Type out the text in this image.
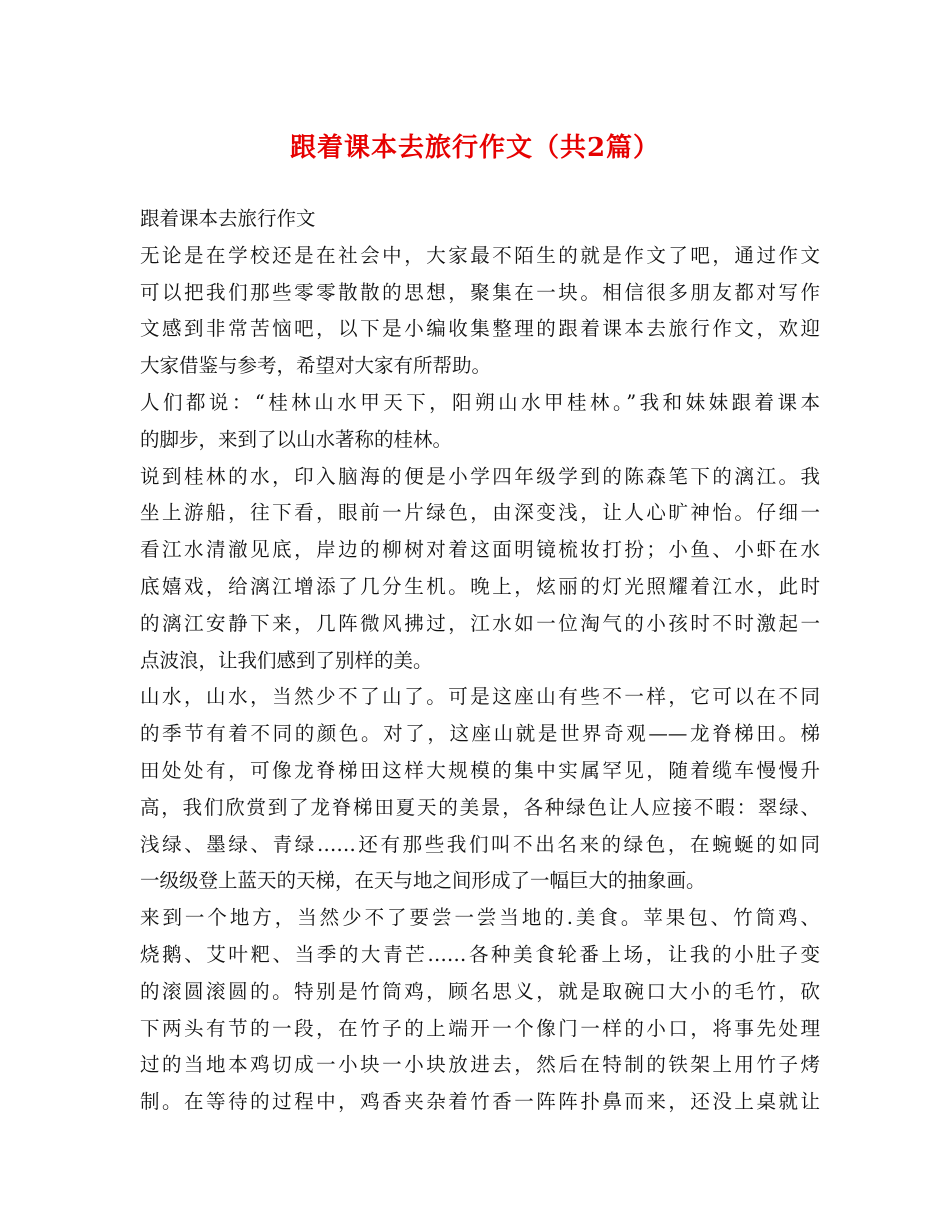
跟着课本去旅行作文（共2篇）
跟着课本去旅行作文
无论是在学校还是在社会中，大家最不陌生的就是作文了吧，通过作文
可以把我们那些零零散散的思想，聚集在一块。相信很多朋友都对写作
文感到非常苦恼吧，以下是小编收集整理的跟着课本去旅行作文，欢迎
大家借鉴与参考，希望对大家有所帮助。
人们都说：“桂林山水甲天下，阳朔山水甲桂林。”我和妹妹跟着课本
的脚步，来到了以山水著称的桂林。
说到桂林的水，印入脑海的便是小学四年级学到的陈森笔下的漓江。我
坐上游船，往下看，眼前一片绿色，由深变浅，让人心旷神怡。仔细一
看江水清澈见底，岸边的柳树对着这面明镜梳妆打扮；小鱼、小虾在水
底嬉戏，给漓江增添了几分生机。晚上，炫丽的灯光照耀着江水，此时
的漓江安静下来，几阵微风拂过，江水如一位淘气的小孩时不时激起一
点波浪，让我们感到了别样的美。
山水，山水，当然少不了山了。可是这座山有些不一样，它可以在不同
的季节有着不同的颜色。对了，这座山就是世界奇观——龙脊梯田。梯
田处处有，可像龙脊梯田这样大规模的集中实属罕见，随着缆车慢慢升
高，我们欣赏到了龙脊梯田夏天的美景，各种绿色让人应接不暇：翠绿、
浅绿、墨绿、青绿……还有那些我们叫不出名来的绿色，在蜿蜒的如同
一级级登上蓝天的天梯，在天与地之间形成了一幅巨大的抽象画。
来到一个地方，当然少不了要尝一尝当地的.美食。苹果包、竹筒鸡、
烧鹅、艾叶粑、当季的大青芒……各种美食轮番上场，让我的小肚子变
的滚圆滚圆的。特别是竹筒鸡，顾名思义，就是取碗口大小的毛竹，砍
下两头有节的一段，在竹子的上端开一个像门一样的小口，将事先处理
过的当地本鸡切成一小块一小块放进去，然后在特制的铁架上用竹子烤
制。在等待的过程中，鸡香夹杂着竹香一阵阵扑鼻而来，还没上桌就让
